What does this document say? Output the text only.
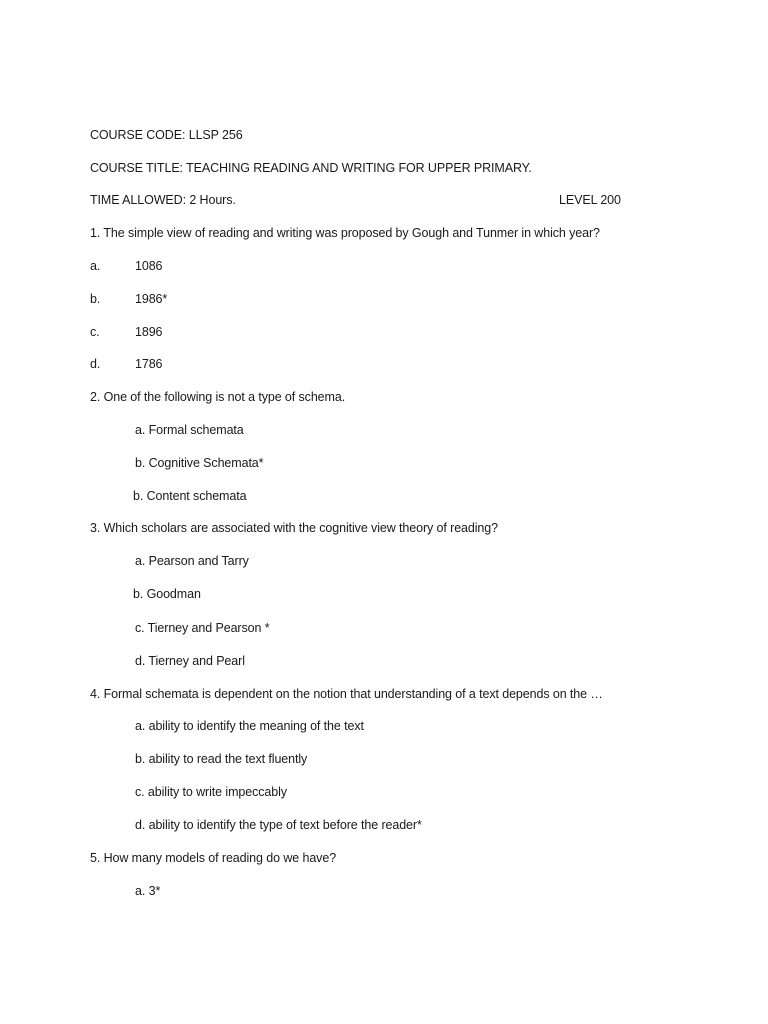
COURSE CODE: LLSP 256
COURSE TITLE: TEACHING READING AND WRITING FOR UPPER PRIMARY.
TIME ALLOWED: 2 Hours.	LEVEL 200
1. The simple view of reading and writing was proposed by Gough and Tunmer in which year?
a.	1086
b.	1986*
c.	1896
d.	1786
2. One of the following is not a type of schema.
a. Formal schemata
b. Cognitive Schemata*
b. Content schemata
3. Which scholars are associated with the cognitive view theory of reading?
a. Pearson and Tarry
b. Goodman
c. Tierney and Pearson *
d. Tierney and Pearl
4. Formal schemata is dependent on the notion that understanding of a text depends on the …
a. ability to identify the meaning of the text
b. ability to read the text fluently
c. ability to write impeccably
d. ability to identify the type of text before the reader*
5. How many models of reading do we have?
a. 3*
